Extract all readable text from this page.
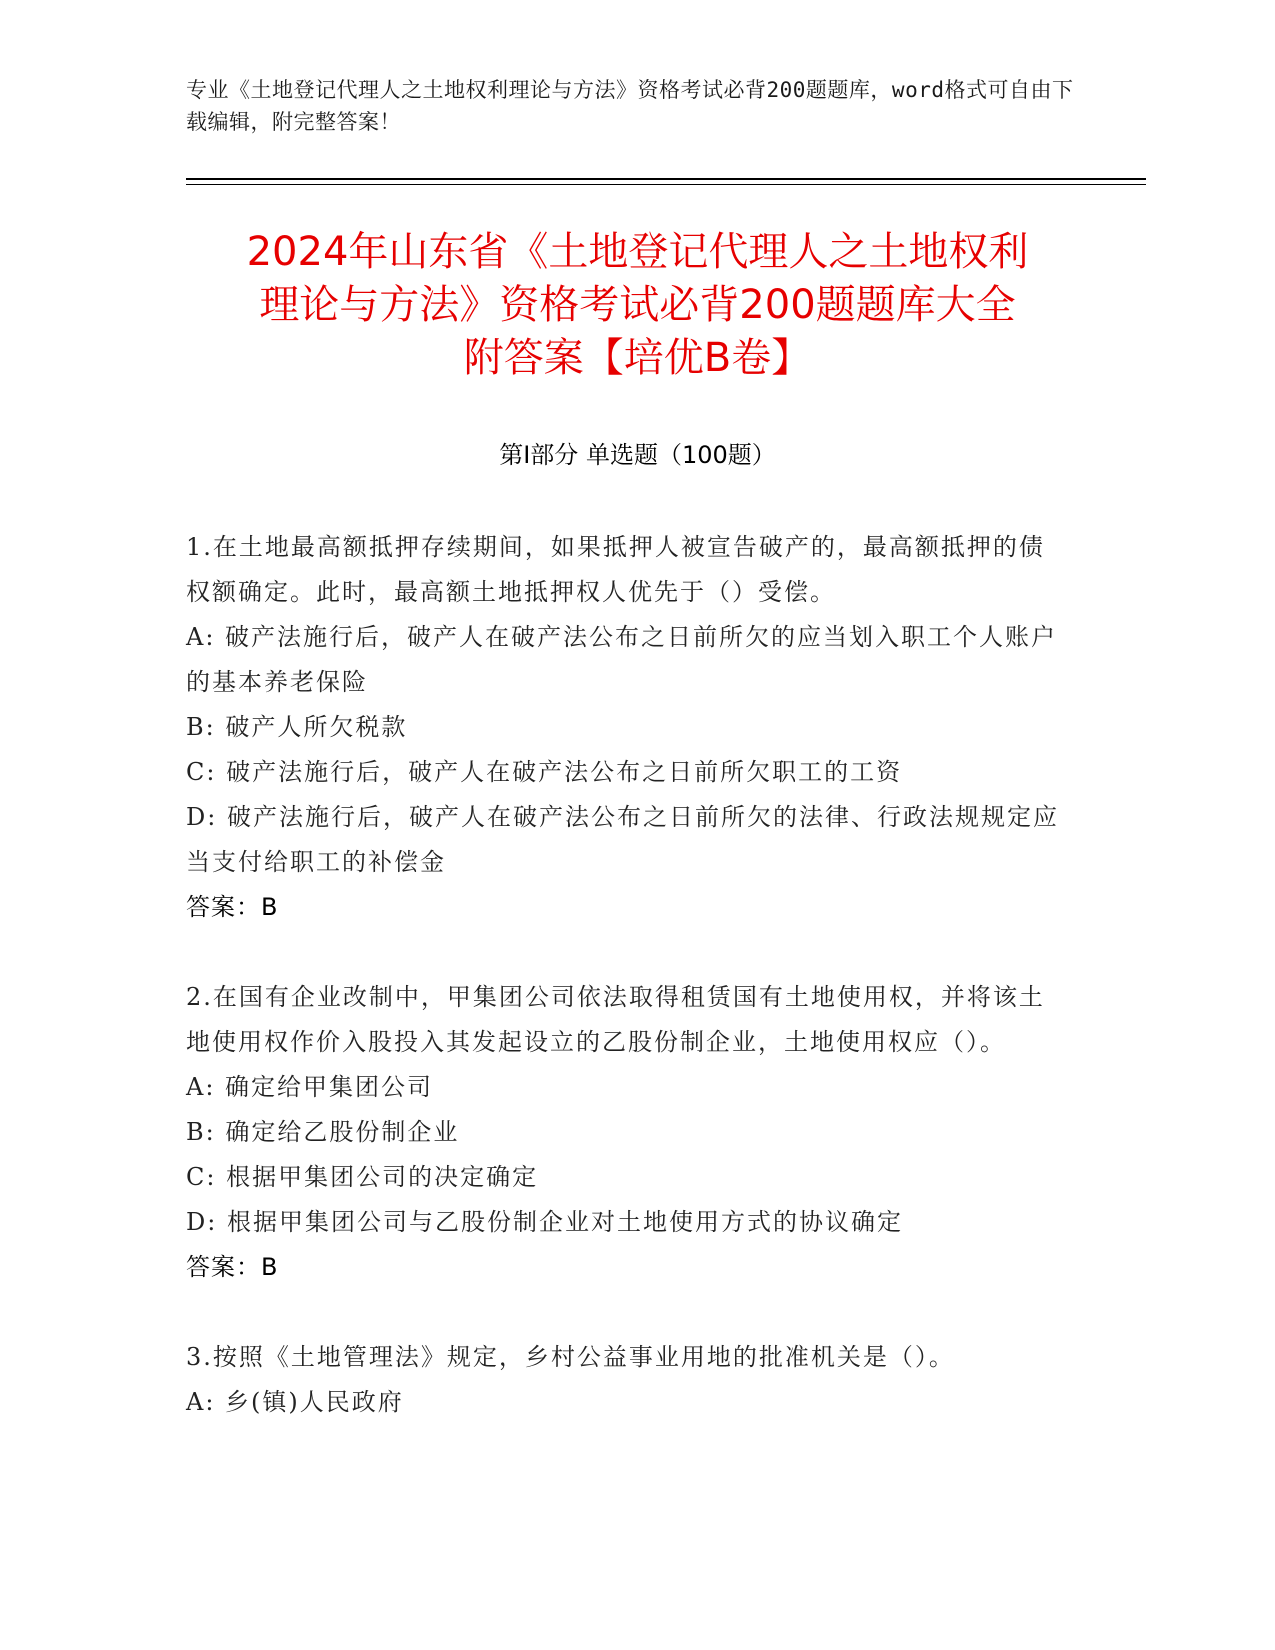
专业《土地登记代理人之土地权利理论与方法》资格考试必背200题题库，word格式可自由下载编辑，附完整答案！
2024年山东省《土地登记代理人之土地权利
理论与方法》资格考试必背200题题库大全
附答案【培优B卷】
第I部分 单选题（100题）

1.在土地最高额抵押存续期间，如果抵押人被宣告破产的，最高额抵押的债权额确定。此时，最高额土地抵押权人优先于（）受偿。

A: 破产法施行后，破产人在破产法公布之日前所欠的应当划入职工个人账户的基本养老保险

B: 破产人所欠税款

C: 破产法施行后，破产人在破产法公布之日前所欠职工的工资

D: 破产法施行后，破产人在破产法公布之日前所欠的法律、行政法规规定应当支付给职工的补偿金

答案：B

2.在国有企业改制中，甲集团公司依法取得租赁国有土地使用权，并将该土地使用权作价入股投入其发起设立的乙股份制企业，土地使用权应（）。

A: 确定给甲集团公司

B: 确定给乙股份制企业

C: 根据甲集团公司的决定确定

D: 根据甲集团公司与乙股份制企业对土地使用方式的协议确定

答案：B

3.按照《土地管理法》规定，乡村公益事业用地的批准机关是（）。

A: 乡(镇)人民政府
